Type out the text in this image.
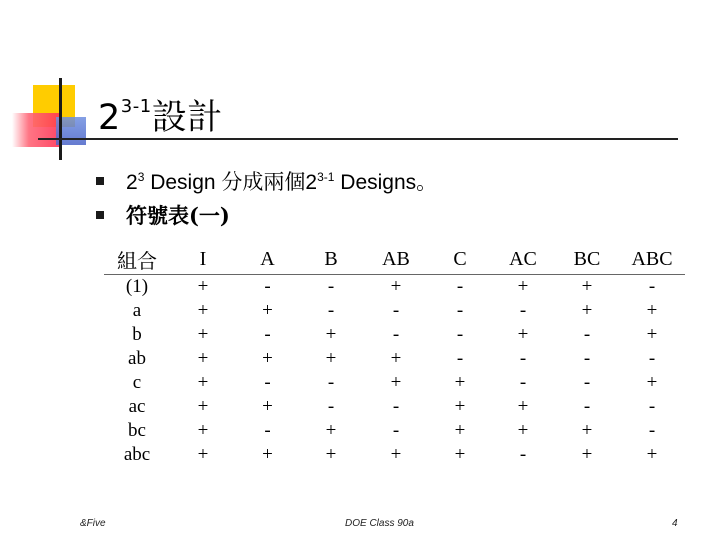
2$^{3-1}$設計
$2^3$ Design 分成兩個2$^{3-1}$ Designs。
符號表(一)
組合	I	A	B	AB	C	AC	BC	ABC
(1)	+	-	-	+	-	+	+	-
a	+	+	-	-	-	-	+	+
b	+	-	+	-	-	+	-	+
ab	+	+	+	+	-	-	-	-
c	+	-	-	+	+	-	-	+
ac	+	+	-	-	+	+	-	-
bc	+	-	+	-	+	+	+	-
abc	+	+	+	+	+	-	+	+
&Five	DOE Class 90a	4
